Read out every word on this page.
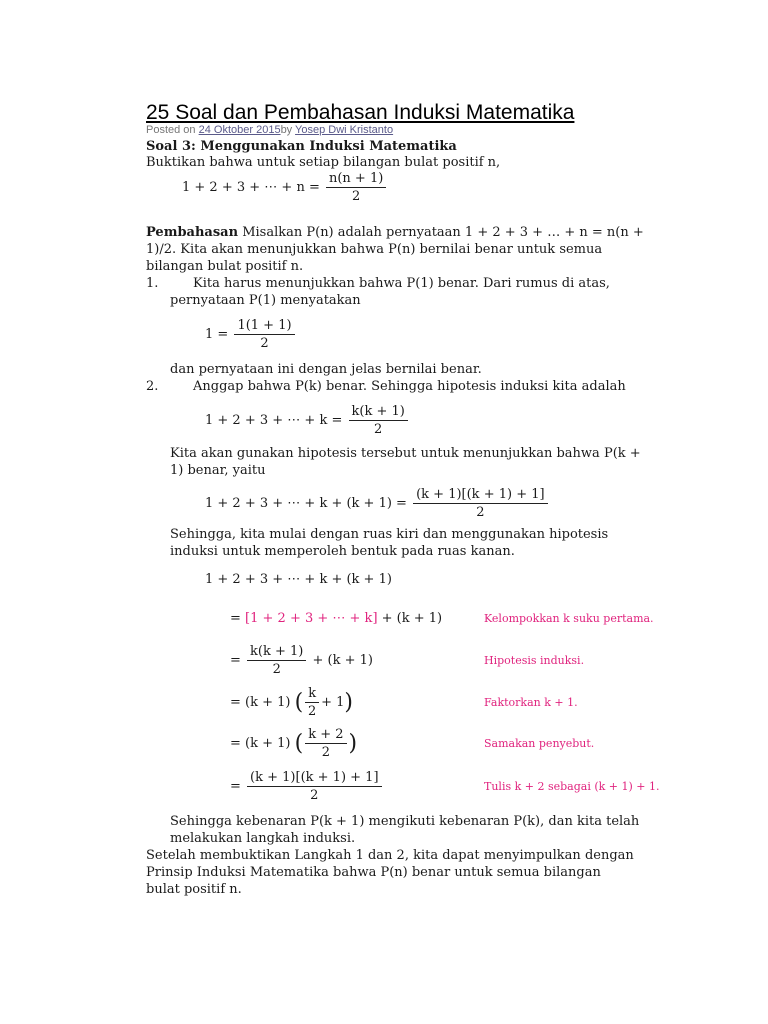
25 Soal dan Pembahasan Induksi Matematika
Posted on 24 Oktober 2015by Yosep Dwi Kristanto
Soal 3: Menggunakan Induksi Matematika
Buktikan bahwa untuk setiap bilangan bulat positif n,
1 + 2 + 3 + ⋯ + $n = \frac{n(n + 1)}{2}$
Pembahasan Misalkan P(n) adalah pernyataan 1 + 2 + 3 + … + n = n(n +
1)/2. Kita akan menunjukkan bahwa P(n) bernilai benar untuk semua
bilangan bulat positif n.
1.	Kita harus menunjukkan bahwa P(1) benar. Dari rumus di atas,
pernyataan P(1) menyatakan
$1 = \frac{1(1 + 1)}{2}$
dan pernyataan ini dengan jelas bernilai benar.
2.	Anggap bahwa P(k) benar. Sehingga hipotesis induksi kita adalah
1 + 2 + 3 + ⋯ + $k = \frac{k(k + 1)}{2}$
Kita akan gunakan hipotesis tersebut untuk menunjukkan bahwa P(k +
1) benar, yaitu
1 + 2 + 3 + ⋯ + $k + (k + 1) = \frac{(k + 1)[(k + 1) + 1]}{2}$
Sehingga, kita mulai dengan ruas kiri dan menggunakan hipotesis
induksi untuk memperoleh bentuk pada ruas kanan.
1 + 2 + 3 + ⋯ + k + (k + 1)
= [1 + 2 + 3 + ⋯ + k] + (k + 1)	Kelompokkan k suku pertama.
= $\frac{k(k + 1)}{2} + (k + 1)$	Hipotesis induksi.
= (k + 1) ( $\frac{k}{2} + 1$)	Faktorkan k + 1.
= (k + 1) ( $\frac{k + 2}{2}$ )	Samakan penyebut.
= $\frac{(k + 1)[(k + 1) + 1]}{2}$	Tulis k + 2 sebagai (k + 1) + 1.
Sehingga kebenaran P(k + 1) mengikuti kebenaran P(k), dan kita telah
melakukan langkah induksi.
Setelah membuktikan Langkah 1 dan 2, kita dapat menyimpulkan dengan
Prinsip Induksi Matematika bahwa P(n) benar untuk semua bilangan
bulat positif n.
